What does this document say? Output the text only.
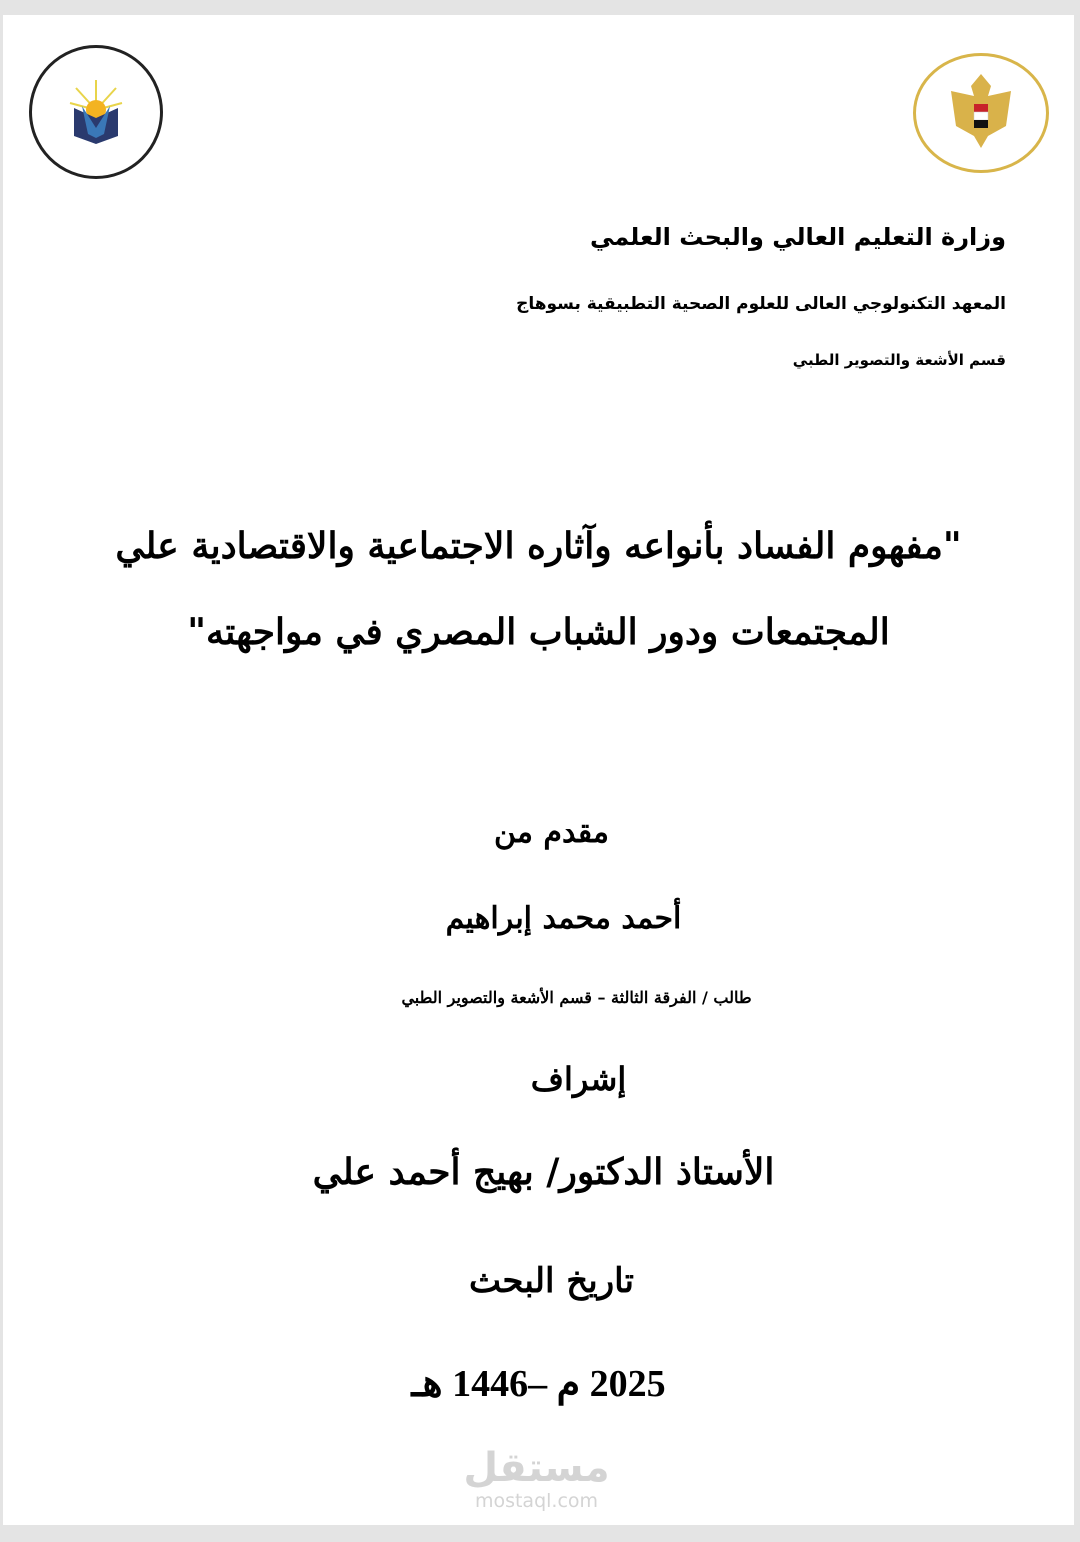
وزارة التعليم العالي والبحث العلمي
المعهد التكنولوجي العالى للعلوم الصحية التطبيقية بسوهاج
قسم الأشعة والتصوير الطبي
"مفهوم الفساد بأنواعه وآثاره الاجتماعية والاقتصادية علي
المجتمعات ودور الشباب المصري في مواجهته"
مقدم من
أحمد محمد إبراهيم
طالب / الفرقة الثالثة – قسم الأشعة والتصوير الطبي
إشراف
الأستاذ الدكتور/ بهيج أحمد علي
تاريخ البحث
2025 م –1446 هـ
مستقل
mostaql.com
